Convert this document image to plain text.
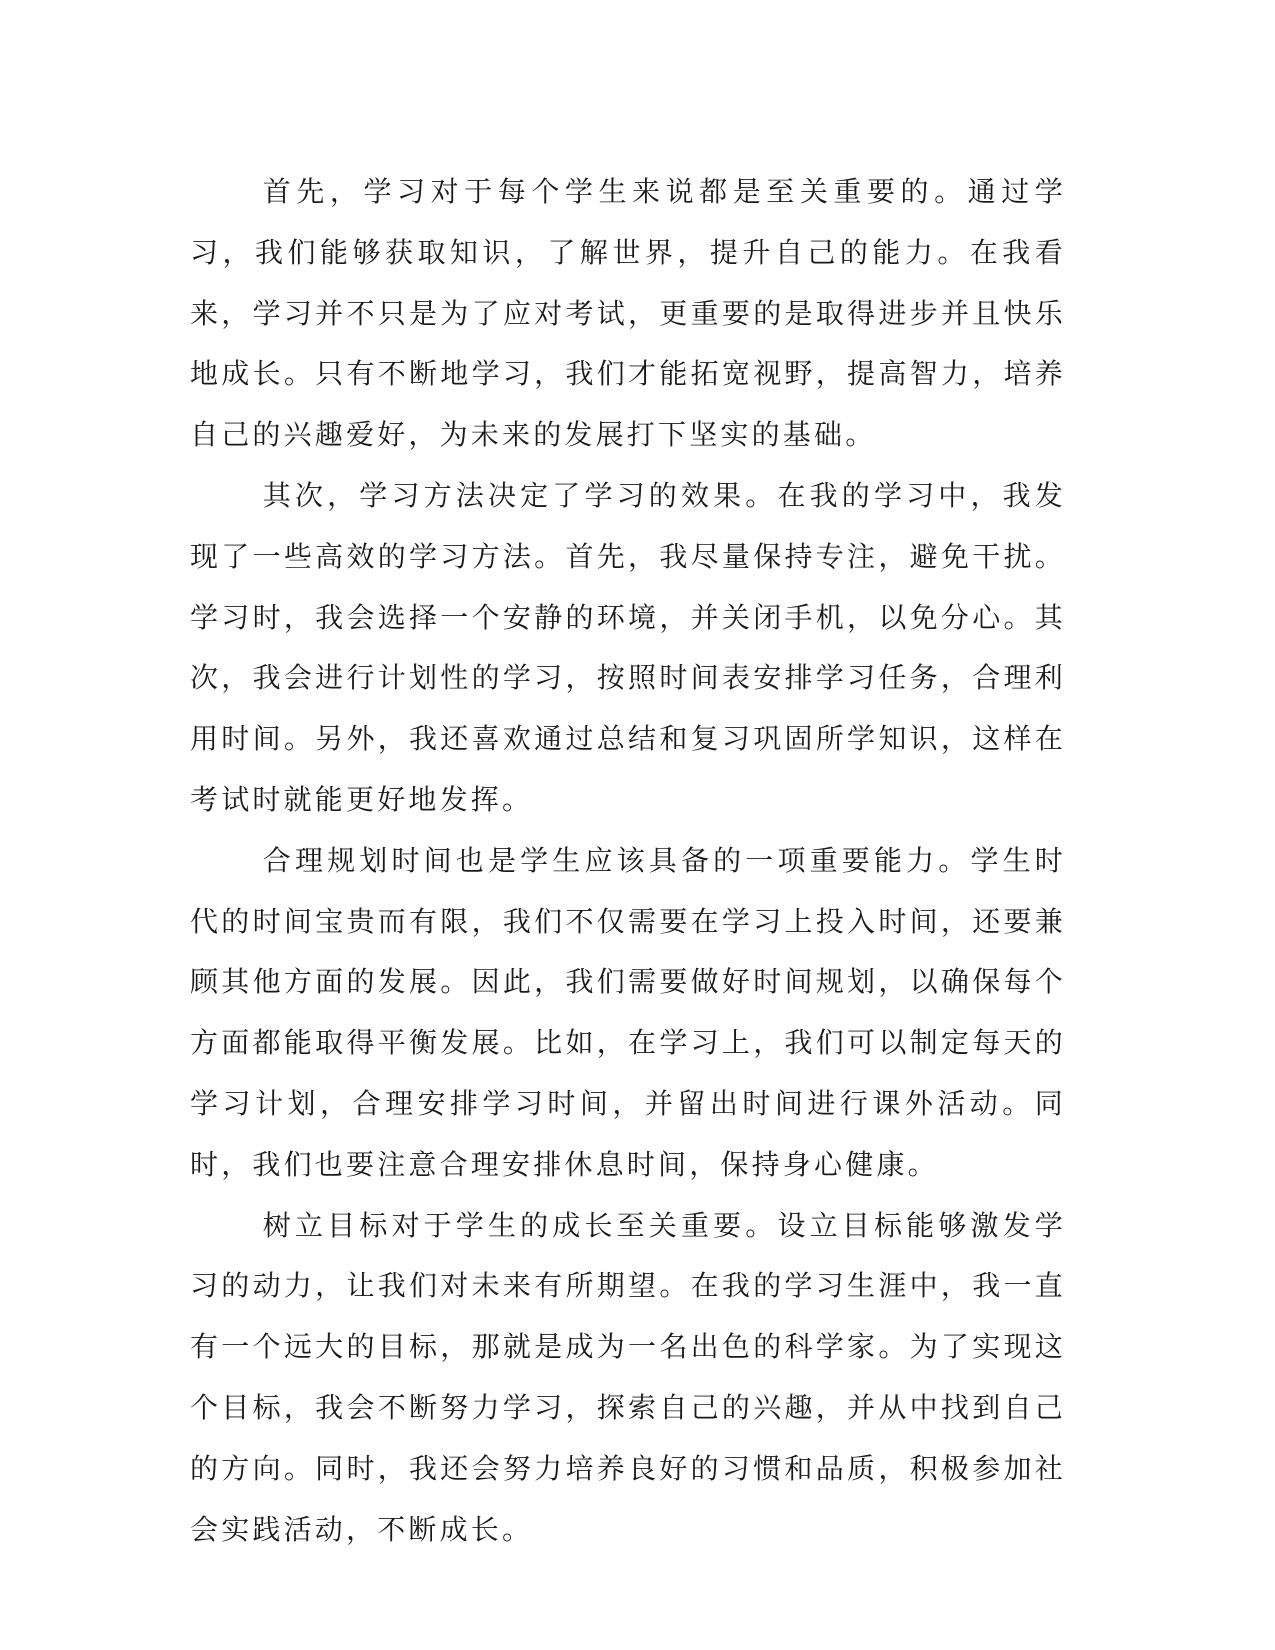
首先，学习对于每个学生来说都是至关重要的。通过学习，我们能够获取知识，了解世界，提升自己的能力。在我看来，学习并不只是为了应对考试，更重要的是取得进步并且快乐地成长。只有不断地学习，我们才能拓宽视野，提高智力，培养自己的兴趣爱好，为未来的发展打下坚实的基础。

其次，学习方法决定了学习的效果。在我的学习中，我发现了一些高效的学习方法。首先，我尽量保持专注，避免干扰。学习时，我会选择一个安静的环境，并关闭手机，以免分心。其次，我会进行计划性的学习，按照时间表安排学习任务，合理利用时间。另外，我还喜欢通过总结和复习巩固所学知识，这样在考试时就能更好地发挥。

合理规划时间也是学生应该具备的一项重要能力。学生时代的时间宝贵而有限，我们不仅需要在学习上投入时间，还要兼顾其他方面的发展。因此，我们需要做好时间规划，以确保每个方面都能取得平衡发展。比如，在学习上，我们可以制定每天的学习计划，合理安排学习时间，并留出时间进行课外活动。同时，我们也要注意合理安排休息时间，保持身心健康。

树立目标对于学生的成长至关重要。设立目标能够激发学习的动力，让我们对未来有所期望。在我的学习生涯中，我一直有一个远大的目标，那就是成为一名出色的科学家。为了实现这个目标，我会不断努力学习，探索自己的兴趣，并从中找到自己的方向。同时，我还会努力培养良好的习惯和品质，积极参加社会实践活动，不断成长。
